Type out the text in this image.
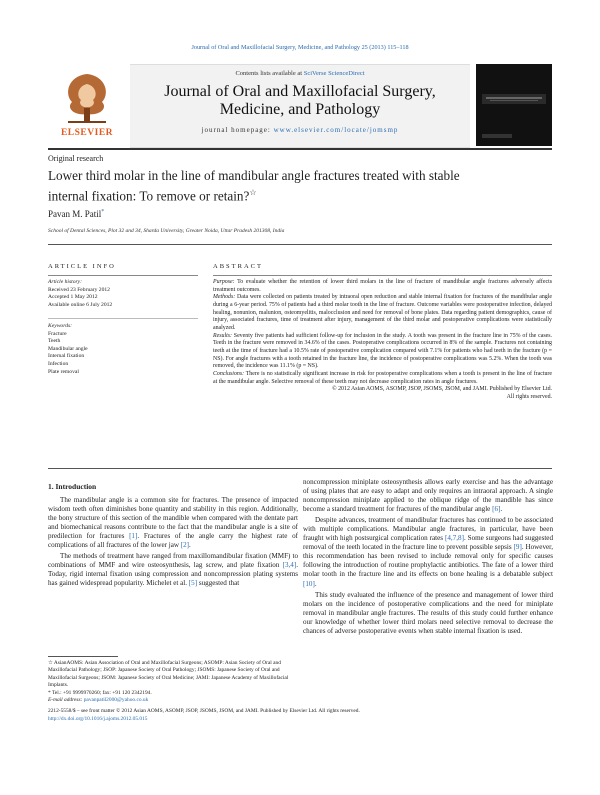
Journal of Oral and Maxillofacial Surgery, Medicine, and Pathology 25 (2013) 115–118
ELSEVIER
Contents lists available at SciVerse ScienceDirect
Journal of Oral and Maxillofacial Surgery,
Medicine, and Pathology
journal homepage: www.elsevier.com/locate/jomsmp
Original research
Lower third molar in the line of mandibular angle fractures treated with stable
internal fixation: To remove or retain?☆
Pavan M. Patil*
School of Dental Sciences, Plot 32 and 34, Sharda University, Greater Noida, Uttar Pradesh 201308, India
ARTICLE INFO
Article history:
Received 23 February 2012
Accepted 1 May 2012
Available online 6 July 2012
Keywords:
Fracture
Teeth
Mandibular angle
Internal fixation
Infection
Plate removal
ABSTRACT

Purpose: To evaluate whether the retention of lower third molars in the line of fracture of mandibular angle fractures adversely affects treatment outcomes.

Methods: Data were collected on patients treated by intraoral open reduction and stable internal fixation for fractures of the mandibular angle during a 6-year period. 75% of patients had a third molar tooth in the line of fracture. Outcome variables were postoperative infection, delayed healing, nonunion, malunion, osteomyelitis, malocclusion and need for removal of bone plates. Data regarding patient demographics, cause of injury, associated fractures, time of treatment after injury, management of the third molar and postoperative complications were statistically analyzed.

Results: Seventy five patients had sufficient follow-up for inclusion in the study. A tooth was present in the fracture line in 75% of the cases. Teeth in the fracture were removed in 34.6% of the cases. Postoperative complications occurred in 8% of the sample. Fractures not containing teeth at the time of fracture had a 10.5% rate of postoperative complication compared with 7.1% for patients who had teeth in the fracture (p = NS). For angle fractures with a tooth retained in the fracture line, the incidence of postoperative complications was 5.2%. When the tooth was removed, the incidence was 11.1% (p = NS).

Conclusions: There is no statistically significant increase in risk for postoperative complications when a tooth is present in the line of fracture at the mandibular angle. Selective removal of these teeth may not decrease complication rates in angle fractures.

© 2012 Asian AOMS, ASOMP, JSOP, JSOMS, JSOM, and JAMI. Published by Elsevier Ltd.

All rights reserved.

1. Introduction

The mandibular angle is a common site for fractures. The presence of impacted wisdom teeth often diminishes bone quantity and stability in this region. Additionally, the bony structure of this section of the mandible when compared with the dentate part and biomechanical reasons contribute to the fact that the mandibular angle is a site of predilection for fractures [1]. Fractures of the angle carry the highest rate of complications of all fractures of the lower jaw [2].

The methods of treatment have ranged from maxillomandibular fixation (MMF) to combinations of MMF and wire osteosynthesis, lag screw, and plate fixation [3,4]. Today, rigid internal fixation using compression and noncompression plating systems has gained widespread popularity. Michelet et al. [5] suggested that

noncompression miniplate osteosynthesis allows early exercise and has the advantage of using plates that are easy to adapt and only requires an intraoral approach. A single noncompression miniplate applied to the oblique ridge of the mandible has since become a standard treatment for fractures of the mandibular angle [6].

Despite advances, treatment of mandibular fractures has continued to be associated with multiple complications. Mandibular angle fractures, in particular, have been fraught with high postsurgical complication rates [4,7,8]. Some surgeons had suggested removal of the teeth located in the fracture line to prevent possible sepsis [9]. However, this recommendation has been revised to include removal only for specific causes following the introduction of routine prophylactic antibiotics. The fate of a lower third molar tooth in the fracture line and its effects on bone healing is a debatable subject [10].

This study evaluated the influence of the presence and management of lower third molars on the incidence of postoperative complications and the need for miniplate removal in mandibular angle fractures. The results of this study could further enhance our knowledge of whether lower third molars need selective removal to decrease the chances of adverse postoperative events when stable internal fixation is used.

☆ AsianAOMS: Asian Association of Oral and Maxillofacial Surgeons; ASOMP: Asian Society of Oral and Maxillofacial Pathology; JSOP: Japanese Society of Oral Pathology; JSOMS: Japanese Society of Oral and Maxillofacial Surgeons; JSOM: Japanese Society of Oral Medicine; JAMI: Japanese Academy of Maxillofacial Implants.
* Tel.: +91 9999970260; fax: +91 120 2342194.
E-mail address: pavanpatil2000@yahoo.co.uk
2212-5558/$ – see front matter © 2012 Asian AOMS, ASOMP, JSOP, JSOMS, JSOM, and JAMI. Published by Elsevier Ltd. All rights reserved.
http://dx.doi.org/10.1016/j.ajoms.2012.05.015
